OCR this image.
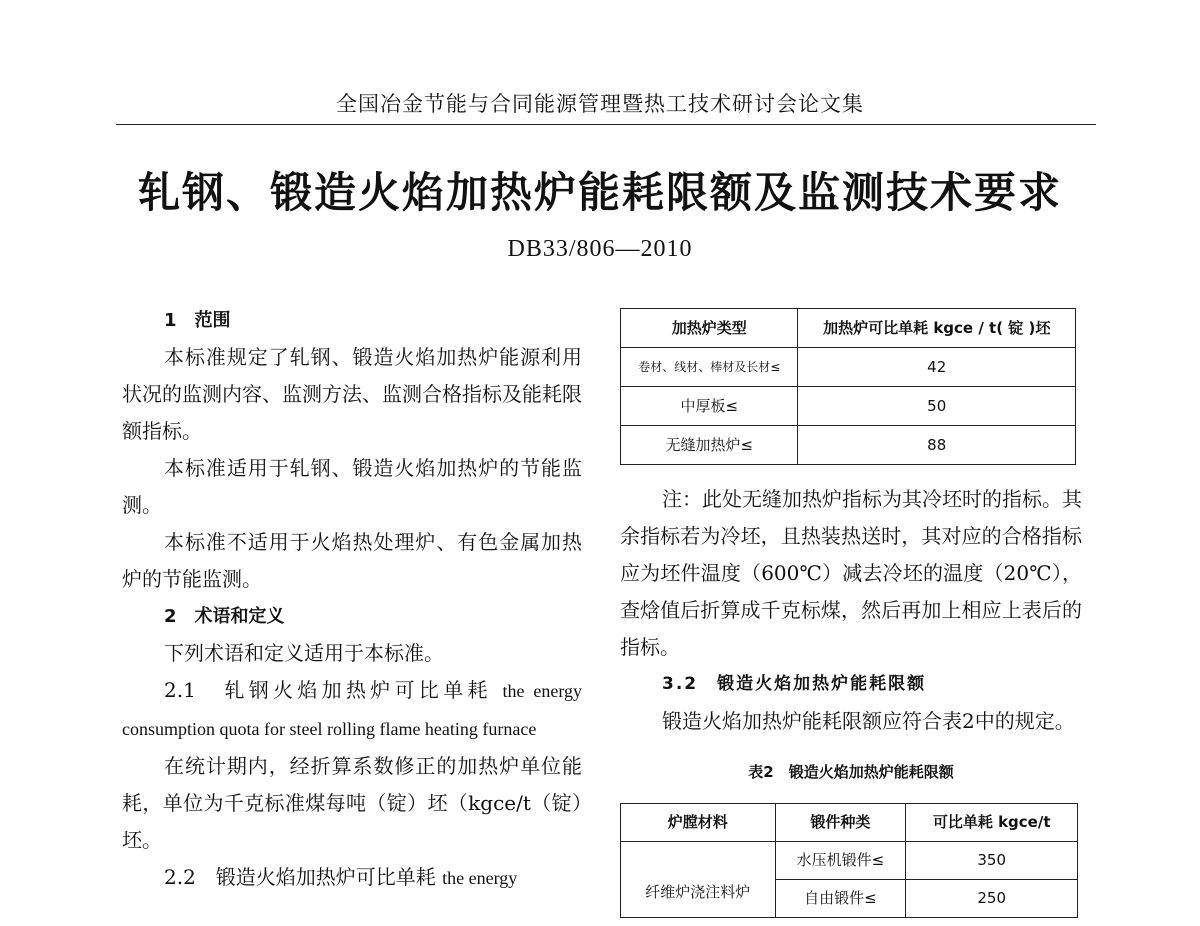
全国冶金节能与合同能源管理暨热工技术研讨会论文集
轧钢、锻造火焰加热炉能耗限额及监测技术要求
DB33/806—2010

1　范围

本标准规定了轧钢、锻造火焰加热炉能源利用状况的监测内容、监测方法、监测合格指标及能耗限额指标。

本标准适用于轧钢、锻造火焰加热炉的节能监测。

本标准不适用于火焰热处理炉、有色金属加热炉的节能监测。

2　术语和定义

下列术语和定义适用于本标准。

2.1　轧钢火焰加热炉可比单耗 the energy consumption quota for steel rolling flame heating furnace

在统计期内，经折算系数修正的加热炉单位能耗，单位为千克标准煤每吨（锭）坯（kgce/t（锭）坯。

2.2　锻造火焰加热炉可比单耗 the energy

加热炉类型	加热炉可比单耗 kgce / t( 锭 )坯
卷材、线材、棒材及长材≤	42
中厚板≤	50
无缝加热炉≤	88

注：此处无缝加热炉指标为其冷坯时的指标。其余指标若为冷坯，且热装热送时，其对应的合格指标应为坯件温度（600℃）减去冷坯的温度（20℃），查焓值后折算成千克标煤，然后再加上相应上表后的指标。

3.2　锻造火焰加热炉能耗限额

锻造火焰加热炉能耗限额应符合表2中的规定。

表2　锻造火焰加热炉能耗限额
炉膛材料	锻件种类	可比单耗 kgce/t
纤维炉浇注料炉	水压机锻件≤	350
	自由锻件≤	250
